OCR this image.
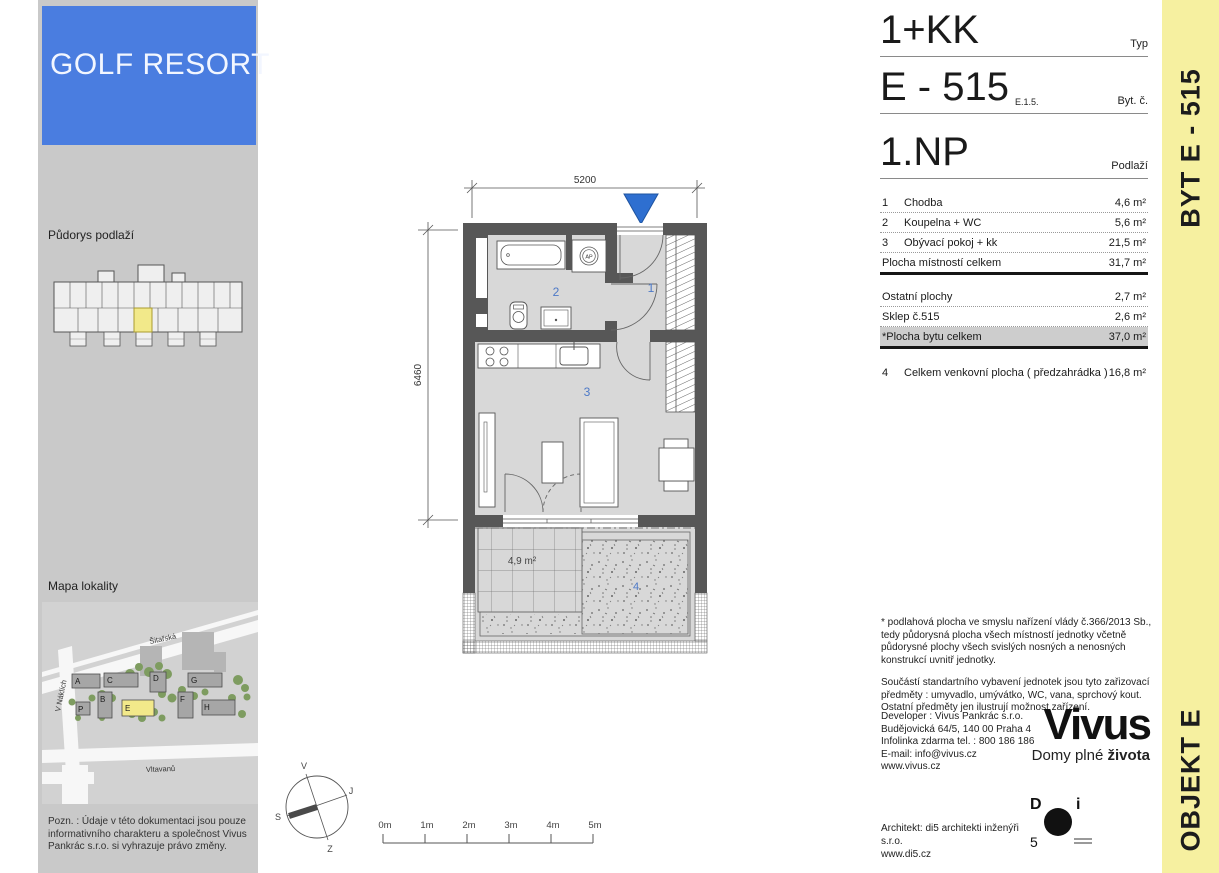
GOLF RESORT
Půdorys podlaží
Mapa lokality
A	C	D	G
P
B
E
F
H
Šitařská
V Náklích
Vltavanů
Pozn. : Údaje v této dokumentaci jsou pouze informativního charakteru a společnost Vivus Pankrác s.r.o. si vyhrazuje právo změny.
5200
6460
AP
1
2
3
4,9 m²
4
V
J
Z
S
0m	1m	2m	3m	4m	5m
1+KK	Typ
E - 515 E.1.5.	Byt. č.
1.NP	Podlaží
1	Chodba	4,6 m²
2	Koupelna + WC	5,6 m²
3	Obývací pokoj + kk	21,5 m²
Plocha místností celkem	31,7 m²
Ostatní plochy	2,7 m²
Sklep č.515	2,6 m²
*Plocha bytu celkem	37,0 m²
4	Celkem venkovní plocha ( předzahrádka ) 16,8 m²

* podlahová plocha ve smyslu nařízení vlády č.366/2013 Sb., tedy půdorysná plocha všech místností jednotky včetně půdorysné plochy všech svislých nosných a nenosných konstrukcí uvnitř jednotky.

Součástí standartního vybavení jednotek jsou tyto zařizovací předměty : umyvadlo, umývátko, WC, vana, sprchový kout. Ostatní předměty jen ilustrují možnost zařízení.

Developer : Vivus Pankrác s.r.o.
Budějovická 64/5, 140 00 Praha 4
Infolinka zdarma tel. : 800 186 186
E-mail: info@vivus.cz
www.vivus.cz
Vivus
Domy plné života
Architekt: di5 architekti inženýři s.r.o.
www.di5.cz
D i
5
BYT E - 515
OBJEKT E
